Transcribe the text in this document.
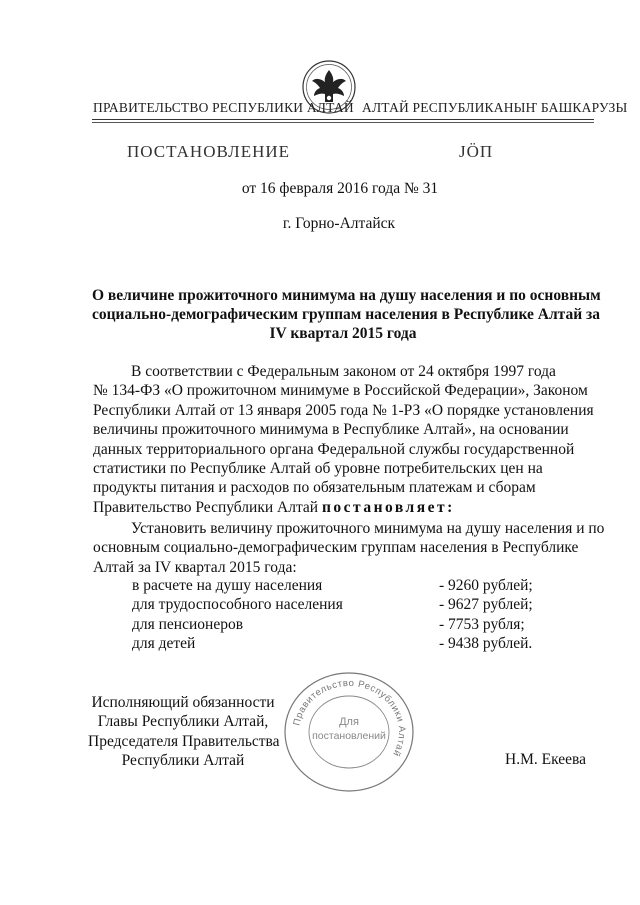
ПРАВИТЕЛЬСТВО РЕСПУБЛИКИ АЛТАЙ АЛТАЙ РЕСПУБЛИКАНЫҤ БАШКАРУЗЫ
ПОСТАНОВЛЕНИЕ	ЈӦП
от 16 февраля 2016 года № 31
г. Горно-Алтайск
О величине прожиточного минимума на душу населения и по основным
социально-демографическим группам населения в Республике Алтай за
IV квартал 2015 года
В соответствии с Федеральным законом от 24 октября 1997 года
№ 134-ФЗ «О прожиточном минимуме в Российской Федерации», Законом
Республики Алтай от 13 января 2005 года № 1-РЗ «О порядке установления
величины прожиточного минимума в Республике Алтай», на основании
данных территориального органа Федеральной службы государственной
статистики по Республике Алтай об уровне потребительских цен на
продукты питания и расходов по обязательным платежам и сборам
Правительство Республики Алтай
постановляет :
Установить величину прожиточного минимума на душу населения и по
основным социально-демографическим группам населения в Республике
Алтай за IV квартал 2015 года:
в расчете на душу населения	- 9260 рублей;
для трудоспособного населения	- 9627 рублей;
для пенсионеров	- 7753 рубля;
для детей	- 9438 рублей.
Исполняющий обязанности
Главы Республики Алтай,
Председателя Правительства
Республики Алтай
Правительство Республики Алтай
Для
постановлений
Н.М. Екеева
